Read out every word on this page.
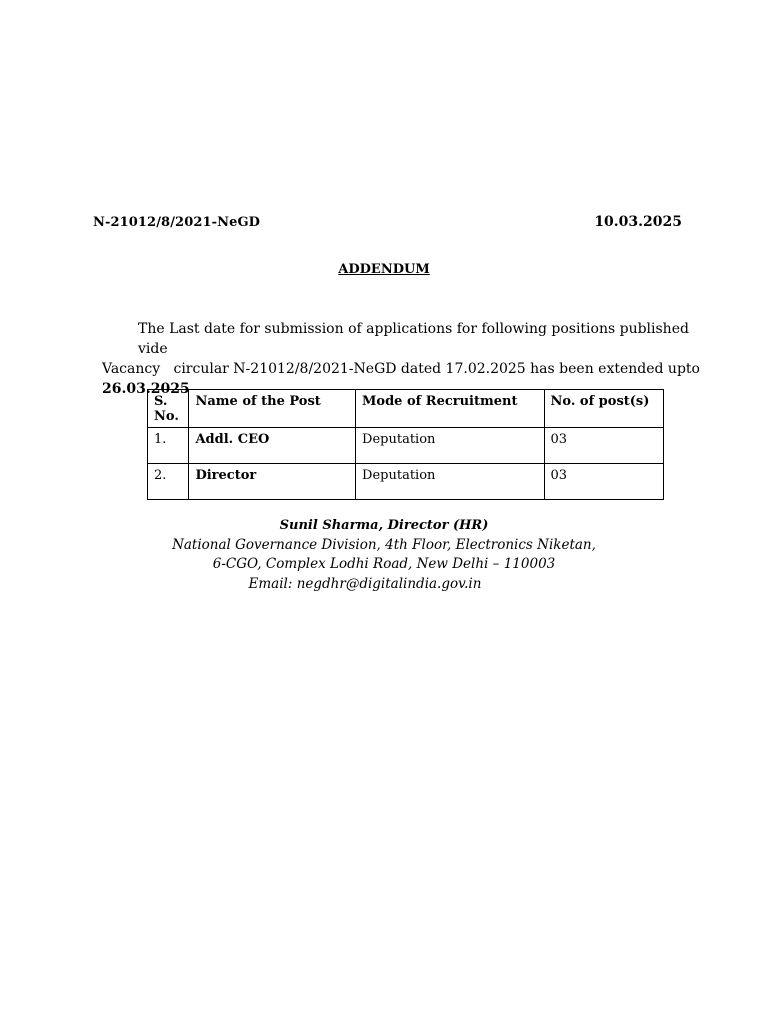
N-21012/8/2021-NeGD	10.03.2025
ADDENDUM
The Last date for submission of applications for following positions published vide
Vacancy   circular N-21012/8/2021-NeGD dated 17.02.2025 has been extended upto
26.03.2025
S. No.	Name of the Post	Mode of Recruitment	No. of post(s)
1.	Addl. CEO	Deputation	03
2.	Director	Deputation	03
Sunil Sharma, Director (HR)
National Governance Division, 4th Floor, Electronics Niketan,
6-CGO, Complex Lodhi Road, New Delhi – 110003
Email: negdhr@digitalindia.gov.in
